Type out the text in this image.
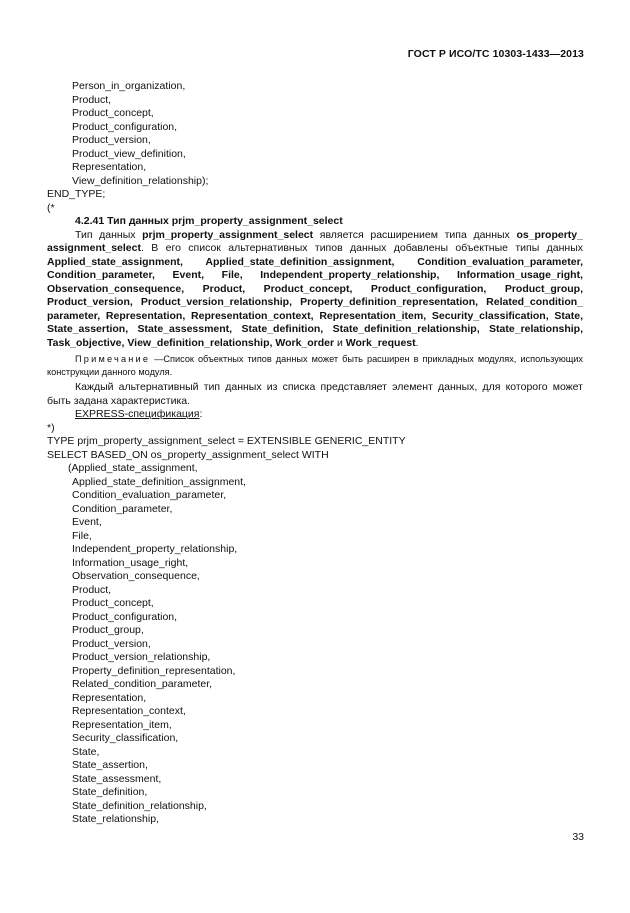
ГОСТ Р ИСО/ТС 10303-1433—2013
Person_in_organization,
Product,
Product_concept,
Product_configuration,
Product_version,
Product_view_definition,
Representation,
View_definition_relationship);
END_TYPE;
(*
4.2.41 Тип данных prjm_property_assignment_select

Тип данных prjm_property_assignment_select является расширением типа данных os_property_ assignment_select. В его список альтернативных типов данных добавлены объектные типы данных Applied_state_assignment, Applied_state_definition_assignment, Condition_evaluation_parameter, Condition_parameter, Event, File, Independent_property_relationship, Information_usage_right, Observation_consequence, Product, Product_concept, Product_configuration, Product_group, Product_version, Product_version_relationship, Property_definition_representation, Related_condition_ parameter, Representation, Representation_context, Representation_item, Security_classification, State, State_assertion, State_assessment, State_definition, State_definition_relationship, State_relationship, Task_objective, View_definition_relationship, Work_order и Work_request.

Примечание —Список объектных типов данных может быть расширен в прикладных модулях, использующих конструкции данного модуля.

Каждый альтернативный тип данных из списка представляет элемент данных, для которого может быть задана характеристика.

EXPRESS-спецификация:
*)
TYPE prjm_property_assignment_select = EXTENSIBLE GENERIC_ENTITY
SELECT BASED_ON os_property_assignment_select WITH
(Applied_state_assignment,
Applied_state_definition_assignment,
Condition_evaluation_parameter,
Condition_parameter,
Event,
File,
Independent_property_relationship,
Information_usage_right,
Observation_consequence,
Product,
Product_concept,
Product_configuration,
Product_group,
Product_version,
Product_version_relationship,
Property_definition_representation,
Related_condition_parameter,
Representation,
Representation_context,
Representation_item,
Security_classification,
State,
State_assertion,
State_assessment,
State_definition,
State_definition_relationship,
State_relationship,
33
